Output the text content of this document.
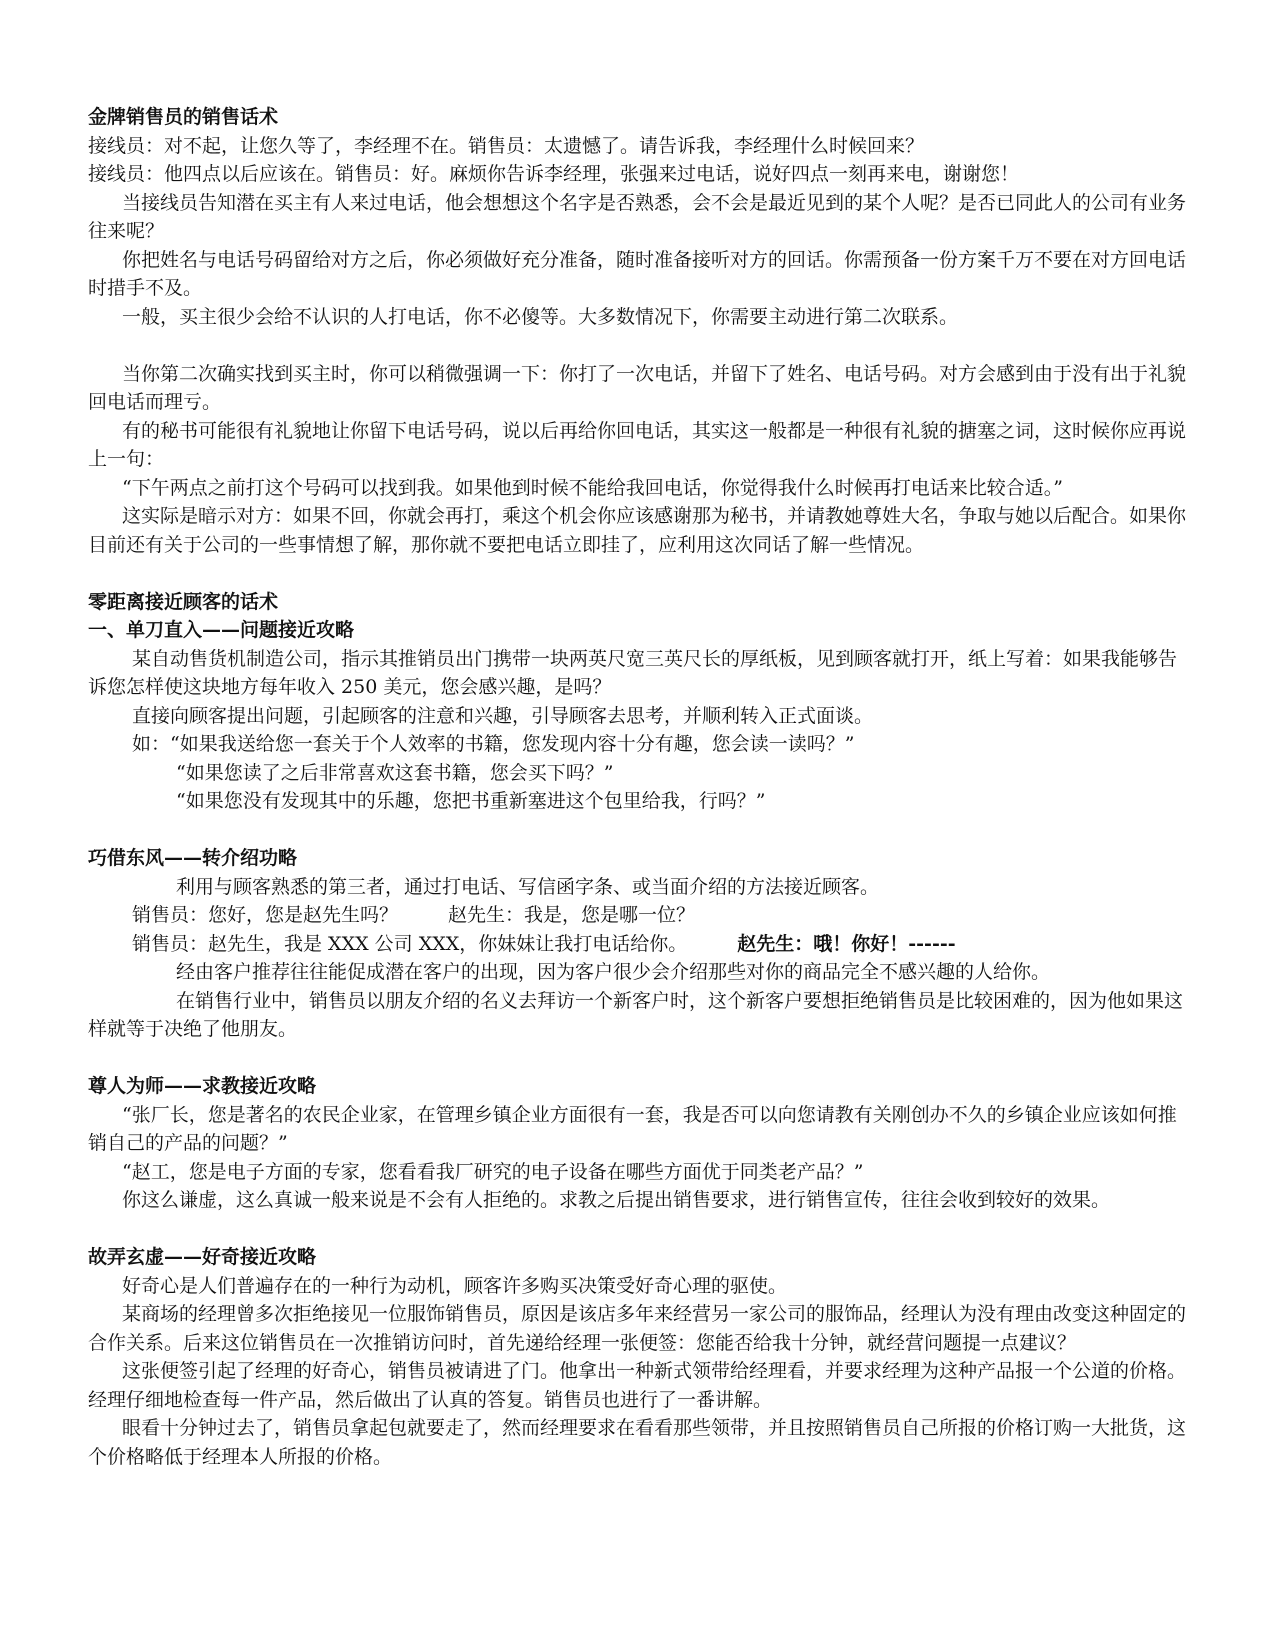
金牌销售员的销售话术
接线员：对不起，让您久等了，李经理不在。销售员：太遗憾了。请告诉我，李经理什么时候回来？
接线员：他四点以后应该在。销售员：好。麻烦你告诉李经理，张强来过电话，说好四点一刻再来电，谢谢您！
当接线员告知潜在买主有人来过电话，他会想想这个名字是否熟悉，会不会是最近见到的某个人呢？是否已同此人的公司有业务往来呢？
你把姓名与电话号码留给对方之后，你必须做好充分准备，随时准备接听对方的回话。你需预备一份方案千万不要在对方回电话时措手不及。
一般，买主很少会给不认识的人打电话，你不必傻等。大多数情况下，你需要主动进行第二次联系。
当你第二次确实找到买主时，你可以稍微强调一下：你打了一次电话，并留下了姓名、电话号码。对方会感到由于没有出于礼貌回电话而理亏。
有的秘书可能很有礼貌地让你留下电话号码，说以后再给你回电话，其实这一般都是一种很有礼貌的搪塞之词，这时候你应再说上一句：
“下午两点之前打这个号码可以找到我。如果他到时候不能给我回电话，你觉得我什么时候再打电话来比较合适。”
这实际是暗示对方：如果不回，你就会再打，乘这个机会你应该感谢那为秘书，并请教她尊姓大名，争取与她以后配合。如果你目前还有关于公司的一些事情想了解，那你就不要把电话立即挂了，应利用这次同话了解一些情况。
零距离接近顾客的话术
一、单刀直入——问题接近攻略
某自动售货机制造公司，指示其推销员出门携带一块两英尺宽三英尺长的厚纸板，见到顾客就打开，纸上写着：如果我能够告诉您怎样使这块地方每年收入 250 美元，您会感兴趣，是吗？
直接向顾客提出问题，引起顾客的注意和兴趣，引导顾客去思考，并顺利转入正式面谈。
如：“如果我送给您一套关于个人效率的书籍，您发现内容十分有趣，您会读一读吗？”
“如果您读了之后非常喜欢这套书籍，您会买下吗？”
“如果您没有发现其中的乐趣，您把书重新塞进这个包里给我，行吗？”
巧借东风——转介绍功略
利用与顾客熟悉的第三者，通过打电话、写信函字条、或当面介绍的方法接近顾客。
销售员：您好，您是赵先生吗？	赵先生：我是，您是哪一位？
销售员：赵先生，我是 XXX 公司 XXX，你妹妹让我打电话给你。	赵先生：哦！你好！------
经由客户推荐往往能促成潜在客户的出现，因为客户很少会介绍那些对你的商品完全不感兴趣的人给你。
在销售行业中，销售员以朋友介绍的名义去拜访一个新客户时，这个新客户要想拒绝销售员是比较困难的，因为他如果这样就等于决绝了他朋友。
尊人为师——求教接近攻略
“张厂长，您是著名的农民企业家，在管理乡镇企业方面很有一套，我是否可以向您请教有关刚创办不久的乡镇企业应该如何推销自己的产品的问题？”
“赵工，您是电子方面的专家，您看看我厂研究的电子设备在哪些方面优于同类老产品？”
你这么谦虚，这么真诚一般来说是不会有人拒绝的。求教之后提出销售要求，进行销售宣传，往往会收到较好的效果。
故弄玄虚——好奇接近攻略
好奇心是人们普遍存在的一种行为动机，顾客许多购买决策受好奇心理的驱使。
某商场的经理曾多次拒绝接见一位服饰销售员，原因是该店多年来经营另一家公司的服饰品，经理认为没有理由改变这种固定的合作关系。后来这位销售员在一次推销访问时，首先递给经理一张便签：您能否给我十分钟，就经营问题提一点建议？
这张便签引起了经理的好奇心，销售员被请进了门。他拿出一种新式领带给经理看，并要求经理为这种产品报一个公道的价格。经理仔细地检查每一件产品，然后做出了认真的答复。销售员也进行了一番讲解。
眼看十分钟过去了，销售员拿起包就要走了，然而经理要求在看看那些领带，并且按照销售员自己所报的价格订购一大批货，这个价格略低于经理本人所报的价格。
